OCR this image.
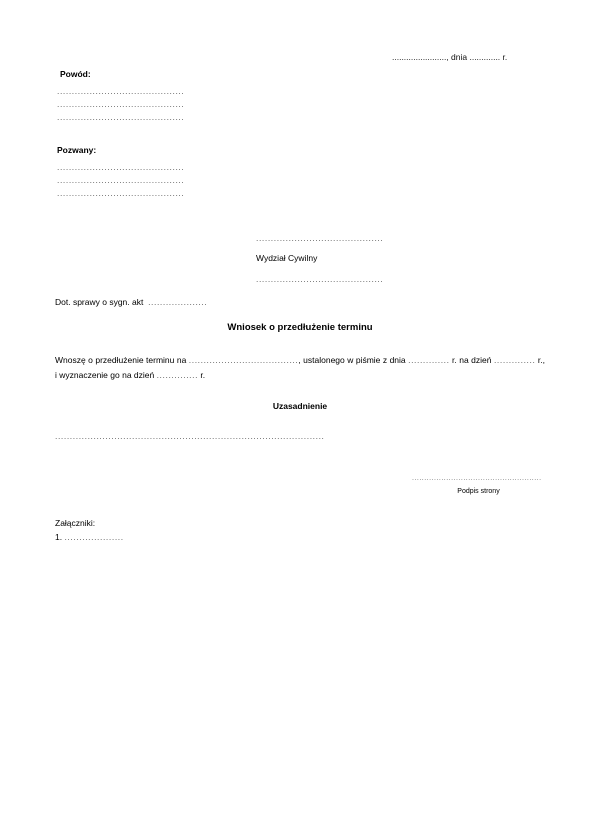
......................., dnia ............. r.
Powód:
...........................................
...........................................
...........................................
Pozwany:
...........................................
...........................................
...........................................
...........................................
Wydział Cywilny
...........................................
Dot. sprawy o sygn. akt ....................
Wniosek o przedłużenie terminu
Wnoszę o przedłużenie terminu na ....................................., ustalonego w piśmie z dnia .............. r. na dzień .............. r., i wyznaczenie go na dzień .............. r.
Uzasadnienie
...........................................................................................
.....................................................
Podpis strony
Załączniki:
1. ....................
